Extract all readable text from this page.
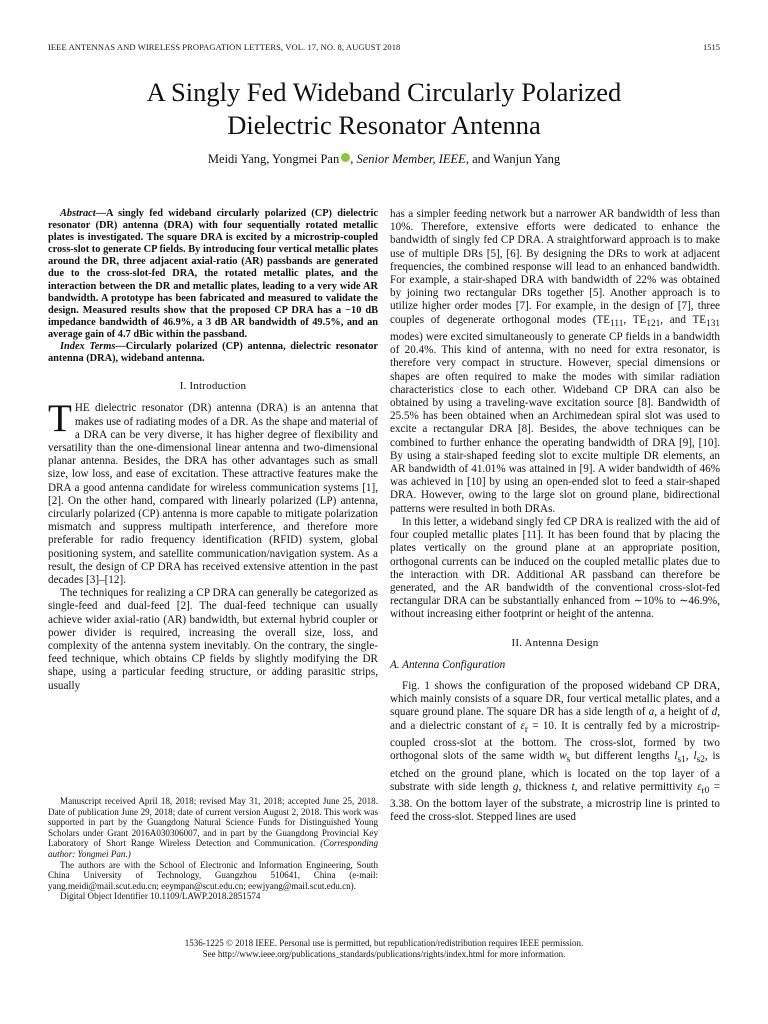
IEEE ANTENNAS AND WIRELESS PROPAGATION LETTERS, VOL. 17, NO. 8, AUGUST 2018	1515
A Singly Fed Wideband Circularly Polarized
Dielectric Resonator Antenna
Meidi Yang, Yongmei Pan , Senior Member, IEEE, and Wanjun Yang

Abstract—A singly fed wideband circularly polarized (CP) dielectric resonator (DR) antenna (DRA) with four sequentially rotated metallic plates is investigated. The square DRA is excited by a microstrip-coupled cross-slot to generate CP fields. By introducing four vertical metallic plates around the DR, three adjacent axial-ratio (AR) passbands are generated due to the cross-slot-fed DRA, the rotated metallic plates, and the interaction between the DR and metallic plates, leading to a very wide AR bandwidth. A prototype has been fabricated and measured to validate the design. Measured results show that the proposed CP DRA has a −10 dB impedance bandwidth of 46.9%, a 3 dB AR bandwidth of 49.5%, and an average gain of 4.7 dBic within the passband.

Index Terms—Circularly polarized (CP) antenna, dielectric resonator antenna (DRA), wideband antenna.

I. Introduction

THE dielectric resonator (DR) antenna (DRA) is an antenna that makes use of radiating modes of a DR. As the shape and material of a DRA can be very diverse, it has higher degree of flexibility and versatility than the one-dimensional linear antenna and two-dimensional planar antenna. Besides, the DRA has other advantages such as small size, low loss, and ease of excitation. These attractive features make the DRA a good antenna candidate for wireless communication systems [1], [2]. On the other hand, compared with linearly polarized (LP) antenna, circularly polarized (CP) antenna is more capable to mitigate polarization mismatch and suppress multipath interference, and therefore more preferable for radio frequency identification (RFID) system, global positioning system, and satellite communication/navigation system. As a result, the design of CP DRA has received extensive attention in the past decades [3]–[12].

The techniques for realizing a CP DRA can generally be categorized as single-feed and dual-feed [2]. The dual-feed technique can usually achieve wider axial-ratio (AR) bandwidth, but external hybrid coupler or power divider is required, increasing the overall size, loss, and complexity of the antenna system inevitably. On the contrary, the single-feed technique, which obtains CP fields by slightly modifying the DR shape, using a particular feeding structure, or adding parasitic strips, usually

Manuscript received April 18, 2018; revised May 31, 2018; accepted June 25, 2018. Date of publication June 29, 2018; date of current version August 2, 2018. This work was supported in part by the Guangdong Natural Science Funds for Distinguished Young Scholars under Grant 2016A030306007, and in part by the Guangdong Provincial Key Laboratory of Short Range Wireless Detection and Communication. (Corresponding author: Yongmei Pan.)

The authors are with the School of Electronic and Information Engineering, South China University of Technology, Guangzhou 510641, China (e-mail: yang.meidi@mail.scut.edu.cn; eeympan@scut.edu.cn; eewjyang@mail.scut.edu.cn).

Digital Object Identifier 10.1109/LAWP.2018.2851574

has a simpler feeding network but a narrower AR bandwidth of less than 10%. Therefore, extensive efforts were dedicated to enhance the bandwidth of singly fed CP DRA. A straightforward approach is to make use of multiple DRs [5], [6]. By designing the DRs to work at adjacent frequencies, the combined response will lead to an enhanced bandwidth. For example, a stair-shaped DRA with bandwidth of 22% was obtained by joining two rectangular DRs together [5]. Another approach is to utilize higher order modes [7]. For example, in the design of [7], three couples of degenerate orthogonal modes ($TE_{111}$, $TE_{121}$, and $TE_{131}$ modes) were excited simultaneously to generate CP fields in a bandwidth of 20.4%. This kind of antenna, with no need for extra resonator, is therefore very compact in structure. However, special dimensions or shapes are often required to make the modes with similar radiation characteristics close to each other. Wideband CP DRA can also be obtained by using a traveling-wave excitation source [8]. Bandwidth of 25.5% has been obtained when an Archimedean spiral slot was used to excite a rectangular DRA [8]. Besides, the above techniques can be combined to further enhance the operating bandwidth of DRA [9], [10]. By using a stair-shaped feeding slot to excite multiple DR elements, an AR bandwidth of 41.01% was attained in [9]. A wider bandwidth of 46% was achieved in [10] by using an open-ended slot to feed a stair-shaped DRA. However, owing to the large slot on ground plane, bidirectional patterns were resulted in both DRAs.

In this letter, a wideband singly fed CP DRA is realized with the aid of four coupled metallic plates [11]. It has been found that by placing the plates vertically on the ground plane at an appropriate position, orthogonal currents can be induced on the coupled metallic plates due to the interaction with DR. Additional AR passband can therefore be generated, and the AR bandwidth of the conventional cross-slot-fed rectangular DRA can be substantially enhanced from ∼10% to ∼46.9%, without increasing either footprint or height of the antenna.

II. Antenna Design
A. Antenna Configuration

Fig. 1 shows the configuration of the proposed wideband CP DRA, which mainly consists of a square DR, four vertical metallic plates, and a square ground plane. The square DR has a side length of a, a height of d, and a dielectric constant of $\varepsilon_r = 10$. It is centrally fed by a microstrip-coupled cross-slot at the bottom. The cross-slot, formed by two orthogonal slots of the same width $w_s$ but different lengths $l_{s1}$, $l_{s2}$, is etched on the ground plane, which is located on the top layer of a substrate with side length g, thickness t, and relative permittivity $\varepsilon_{r0} = 3.38$. On the bottom layer of the substrate, a microstrip line is printed to feed the cross-slot. Stepped lines are used

1536-1225 © 2018 IEEE. Personal use is permitted, but republication/redistribution requires IEEE permission.
See http://www.ieee.org/publications_standards/publications/rights/index.html for more information.
